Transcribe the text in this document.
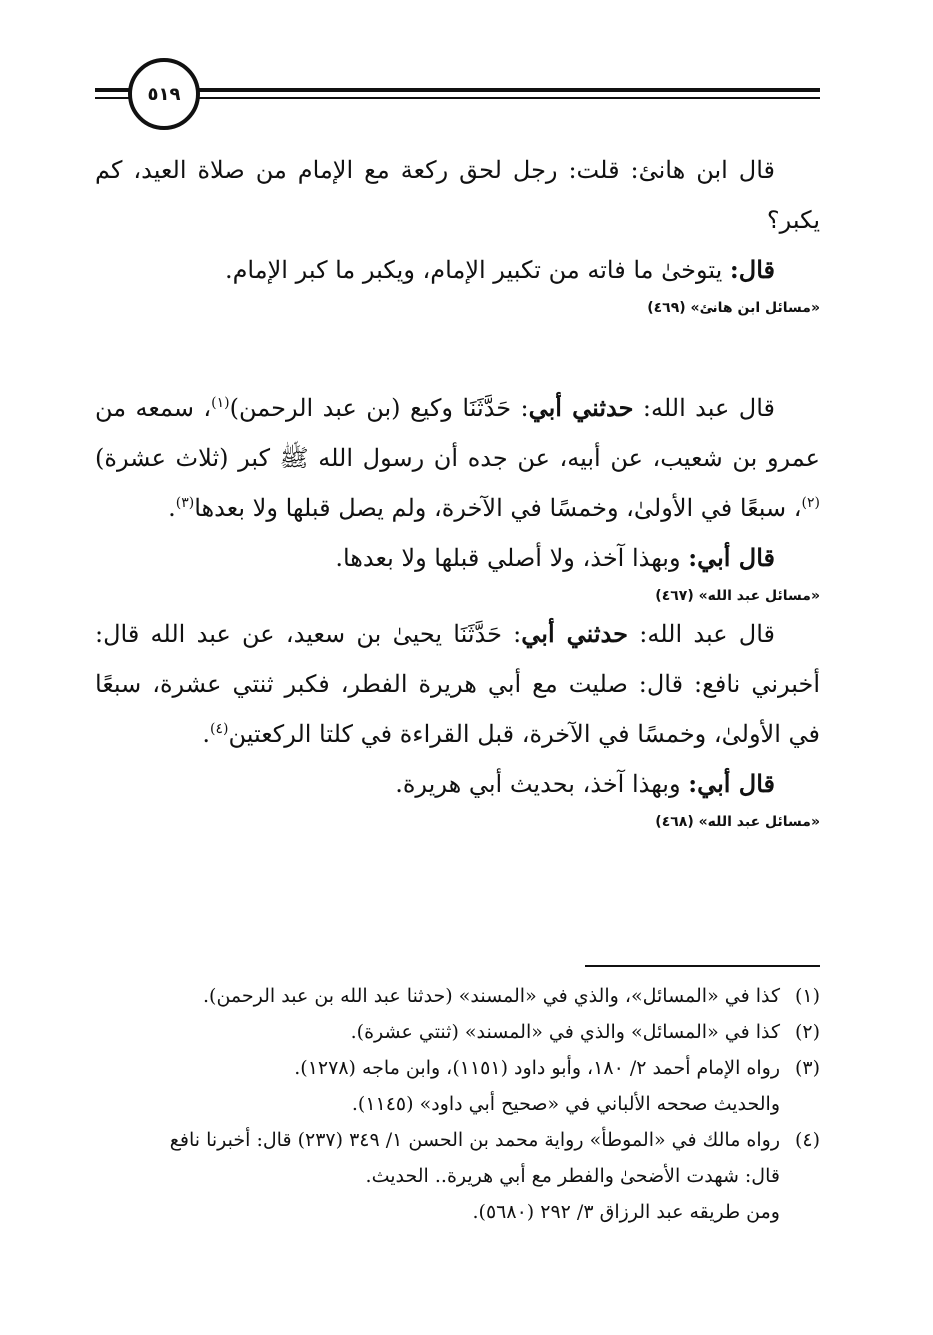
٥١٩

قال ابن هانئ: قلت: رجل لحق ركعة مع الإمام من صلاة العيد، كم يكبر؟

قال: يتوخىٰ ما فاته من تكبير الإمام، ويكبر ما كبر الإمام.

«مسائل ابن هانئ» (٤٦٩)

قال عبد الله: حدثني أبي: حَدَّثَنَا وكيع (بن عبد الرحمن)$^{(١)}$، سمعه من عمرو بن شعيب، عن أبيه، عن جده أن رسول الله ﷺ كبر (ثلاث عشرة)$^{(٢)}$، سبعًا في الأولىٰ، وخمسًا في الآخرة، ولم يصل قبلها ولا بعدها$^{(٣)}$.

قال أبي: وبهذا آخذ، ولا أصلي قبلها ولا بعدها.

«مسائل عبد الله» (٤٦٧)

قال عبد الله: حدثني أبي: حَدَّثَنَا يحيىٰ بن سعيد، عن عبد الله قال: أخبرني نافع: قال: صليت مع أبي هريرة الفطر، فكبر ثنتي عشرة، سبعًا في الأولىٰ، وخمسًا في الآخرة، قبل القراءة في كلتا الركعتين$^{(٤)}$.

قال أبي: وبهذا آخذ، بحديث أبي هريرة.

«مسائل عبد الله» (٤٦٨)

(١)
كذا في «المسائل»، والذي في «المسند» (حدثنا عبد الله بن عبد الرحمن).
(٢)
كذا في «المسائل» والذي في «المسند» (ثنتي عشرة).
(٣)
رواه الإمام أحمد ٢/ ١٨٠، وأبو داود (١١٥١)، وابن ماجه (١٢٧٨).
والحديث صححه الألباني في «صحيح أبي داود» (١١٤٥).
(٤)
رواه مالك في «الموطأ» رواية محمد بن الحسن ١/ ٣٤٩ (٢٣٧) قال: أخبرنا نافع
قال: شهدت الأضحىٰ والفطر مع أبي هريرة.. الحديث.
ومن طريقه عبد الرزاق ٣/ ٢٩٢ (٥٦٨٠).
